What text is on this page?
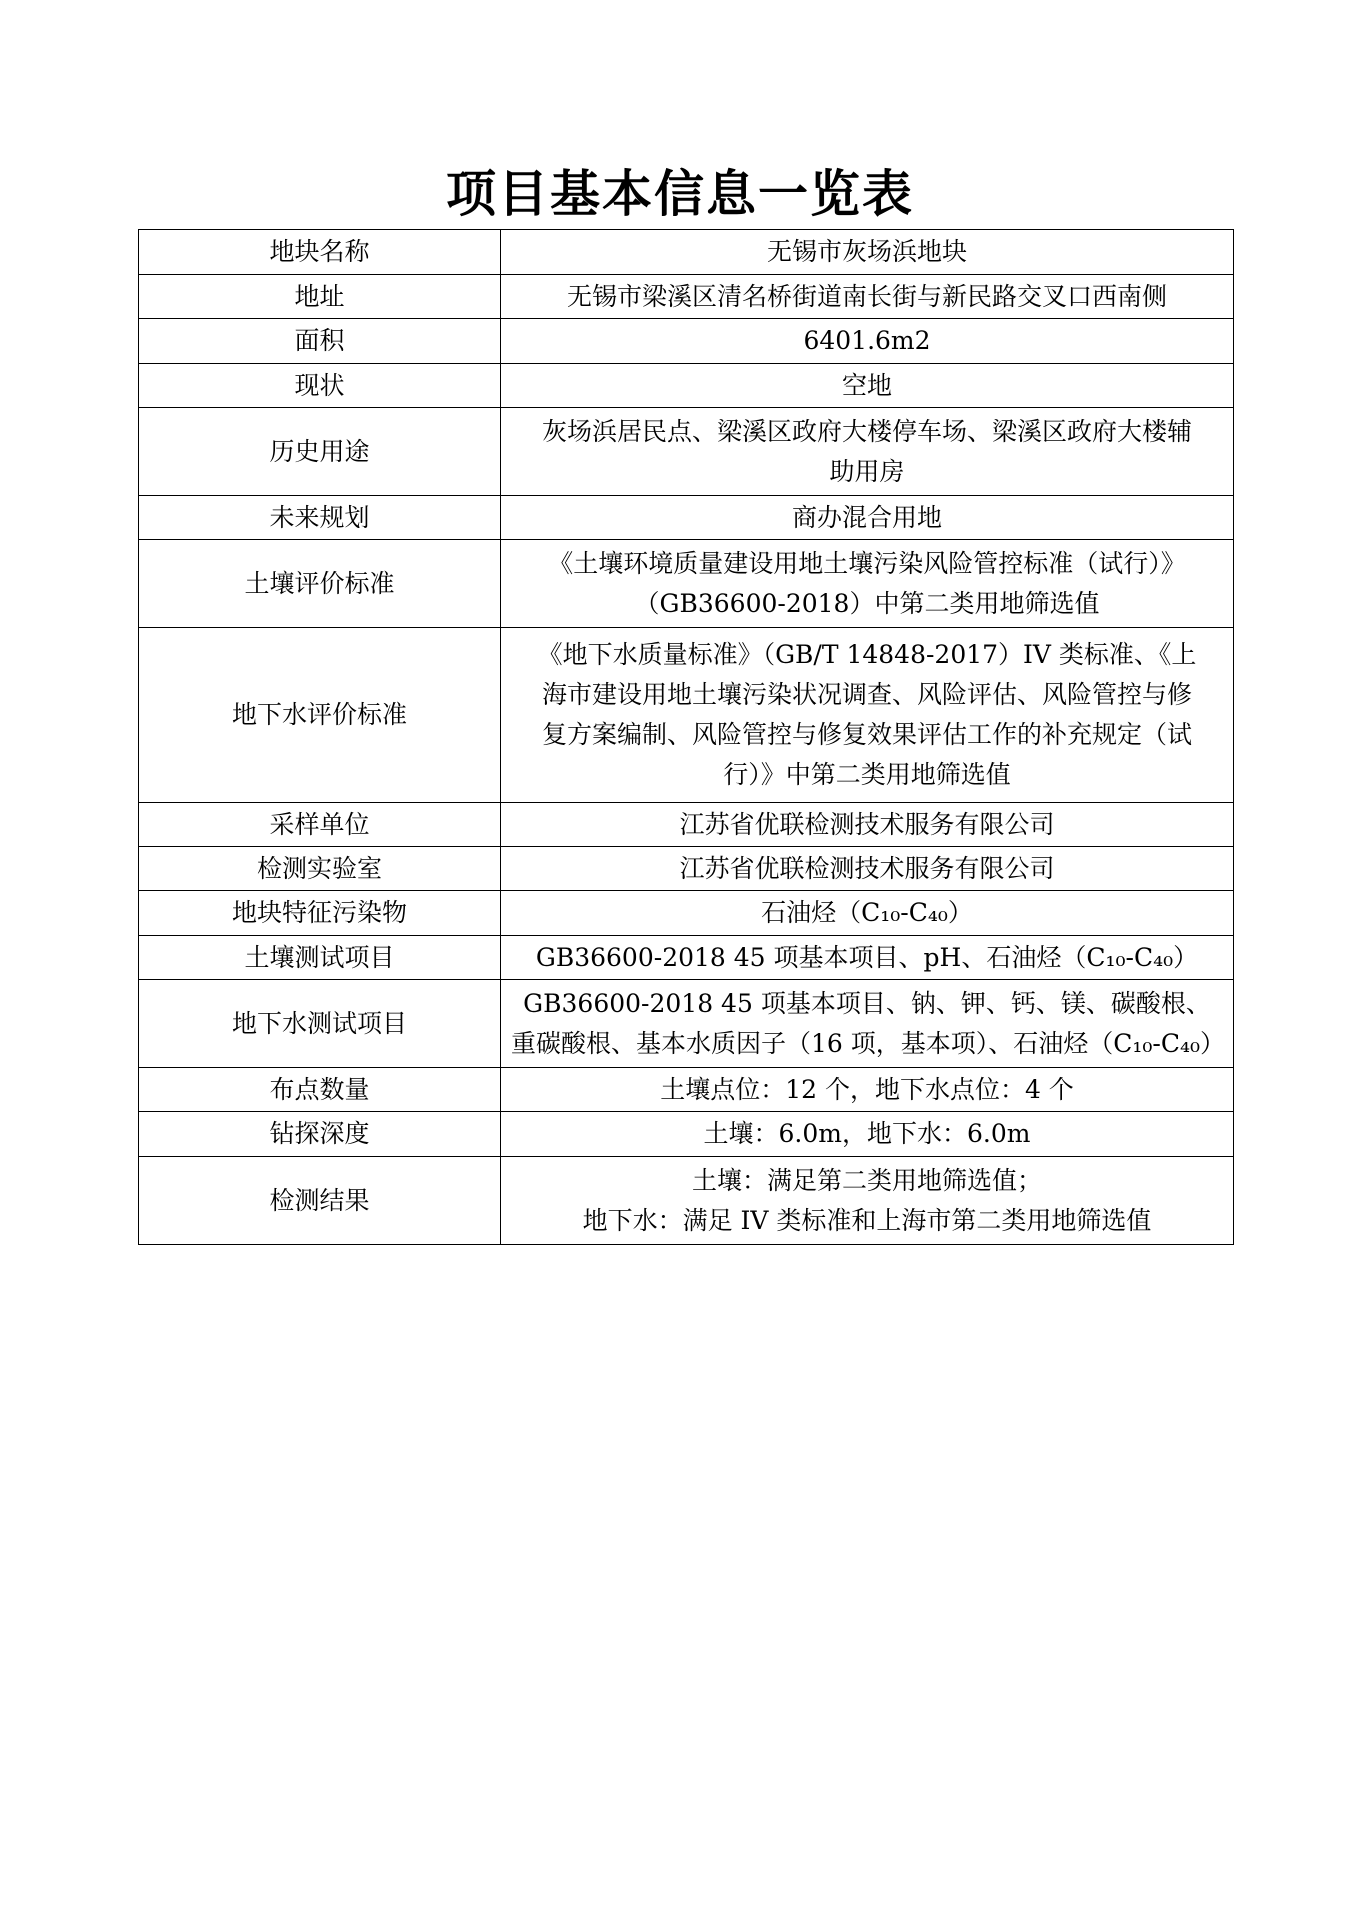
项目基本信息一览表
地块名称	无锡市灰场浜地块

地址	无锡市梁溪区清名桥街道南长街与新民路交叉口西南侧

面积	6401.6m2

现状	空地

历史用途	灰场浜居民点、梁溪区政府大楼停车场、梁溪区政府大楼辅
助用房

未来规划	商办混合用地

土壤评价标准	《土壤环境质量建设用地土壤污染风险管控标准（试行）》
（GB36600-2018）中第二类用地筛选值

地下水评价标准	《地下水质量标准》（GB/T 14848-2017）IV 类标准、《上
海市建设用地土壤污染状况调查、风险评估、风险管控与修
复方案编制、风险管控与修复效果评估工作的补充规定（试
行）》中第二类用地筛选值

采样单位	江苏省优联检测技术服务有限公司

检测实验室	江苏省优联检测技术服务有限公司

地块特征污染物	石油烃（C₁₀-C₄₀）

土壤测试项目	GB36600-2018 45 项基本项目、pH、石油烃（C₁₀-C₄₀）

地下水测试项目	GB36600-2018 45 项基本项目、钠、钾、钙、镁、碳酸根、
重碳酸根、基本水质因子（16 项，基本项）、石油烃（C₁₀-C₄₀）

布点数量	土壤点位：12 个，地下水点位：4 个

钻探深度	土壤：6.0m，地下水：6.0m

检测结果	土壤：满足第二类用地筛选值；
地下水：满足 IV 类标准和上海市第二类用地筛选值
